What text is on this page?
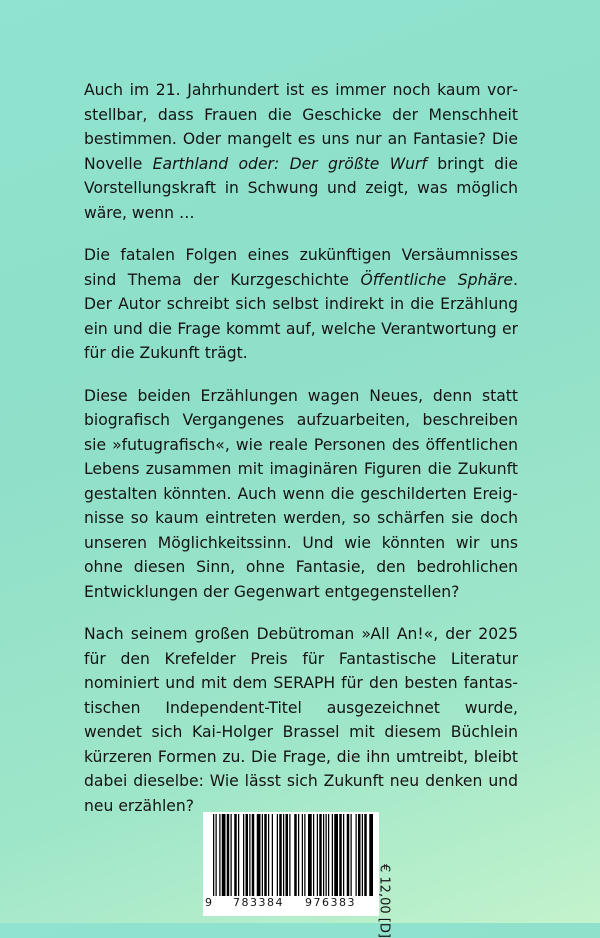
Auch im 21. Jahrhundert ist es immer noch kaum vorstellbar, dass Frauen die Geschicke der Menschheit bestimmen. Oder mangelt es uns nur an Fantasie? Die Novelle Earthland oder: Der größte Wurf bringt die Vorstellungskraft in Schwung und zeigt, was möglich wäre, wenn …

Die fatalen Folgen eines zukünftigen Versäumnisses sind Thema der Kurzgeschichte Öffentliche Sphäre. Der Autor schreibt sich selbst indirekt in die Erzählung ein und die Frage kommt auf, welche Verantwortung er für die Zukunft trägt.

Diese beiden Erzählungen wagen Neues, denn statt biografisch Vergangenes aufzuarbeiten, beschreiben sie »futugrafisch«, wie reale Personen des öffentlichen Lebens zusammen mit imaginären Figuren die Zukunft gestalten könnten. Auch wenn die geschilderten Ereignisse so kaum eintreten werden, so schärfen sie doch unseren Möglichkeitssinn. Und wie könnten wir uns ohne diesen Sinn, ohne Fantasie, den bedrohlichen Entwicklungen der Gegenwart entgegenstellen?

Nach seinem großen Debütroman »All An!«, der 2025 für den Krefelder Preis für Fantastische Literatur nominiert und mit dem SERAPH für den besten fantastischen Independent-Titel ausgezeichnet wurde, wendet sich Kai-Holger Brassel mit diesem Büchlein kürzeren Formen zu. Die Frage, die ihn umtreibt, bleibt dabei dieselbe: Wie lässt sich Zukunft neu denken und neu erzählen?

9 783384 976383 € 12,00 [D]
